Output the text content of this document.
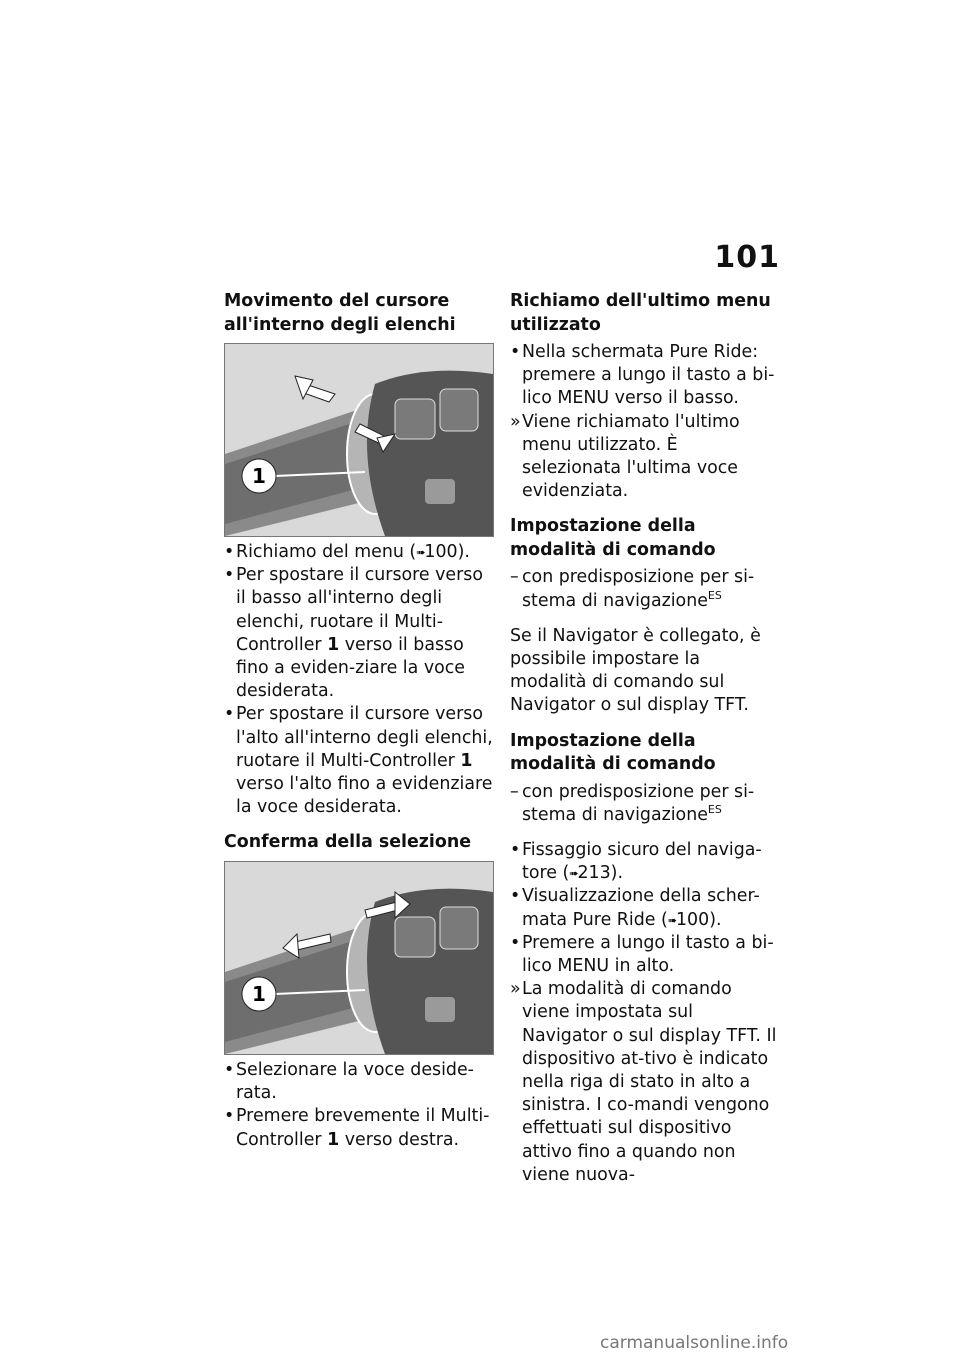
101
Movimento del cursore all'interno degli elenchi
1
• Richiamo del menu (➠100).
• Per spostare il cursore verso il basso all'interno degli elenchi, ruotare il Multi-Controller 1 verso il basso fino a eviden-ziare la voce desiderata.
• Per spostare il cursore verso l'alto all'interno degli elenchi, ruotare il Multi-Controller 1 verso l'alto fino a evidenziare la voce desiderata.
Conferma della selezione
1
• Selezionare la voce deside-rata.
• Premere brevemente il Multi-Controller 1 verso destra.
Richiamo dell'ultimo menu utilizzato
• Nella schermata Pure Ride: premere a lungo il tasto a bi-lico MENU verso il basso.
» Viene richiamato l'ultimo menu utilizzato. È selezionata l'ultima voce evidenziata.
Impostazione della modalità di comando
– con predisposizione per si-stema di navigazione$^{ES}$

Se il Navigator è collegato, è possibile impostare la modalità di comando sul Navigator o sul display TFT.

Impostazione della modalità di comando
– con predisposizione per si-stema di navigazione$^{ES}$
• Fissaggio sicuro del naviga-tore (➠213).
• Visualizzazione della scher-mata Pure Ride (➠100).
• Premere a lungo il tasto a bi-lico MENU in alto.
» La modalità di comando viene impostata sul Navigator o sul display TFT. Il dispositivo at-tivo è indicato nella riga di stato in alto a sinistra. I co-mandi vengono effettuati sul dispositivo attivo fino a quando non viene nuova-
carmanualsonline.info
